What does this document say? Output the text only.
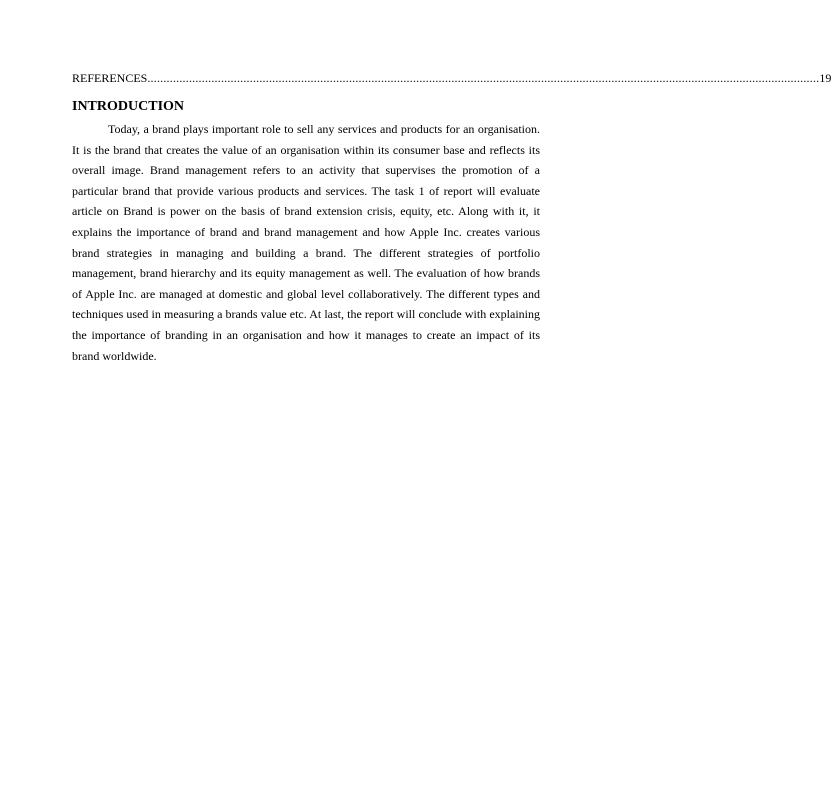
REFERENCES .................................................................................................................................................................................................................. 19
INTRODUCTION

Today, a brand plays important role to sell any services and products for an organisation. It is the brand that creates the value of an organisation within its consumer base and reflects its overall image. Brand management refers to an activity that supervises the promotion of a particular brand that provide various products and services. The task 1 of report will evaluate article on Brand is power on the basis of brand extension crisis, equity, etc. Along with it, it explains the importance of brand and brand management and how Apple Inc. creates various brand strategies in managing and building a brand. The different strategies of portfolio management, brand hierarchy and its equity management as well. The evaluation of how brands of Apple Inc. are managed at domestic and global level collaboratively. The different types and techniques used in measuring a brands value etc. At last, the report will conclude with explaining the importance of branding in an organisation and how it manages to create an impact of its brand worldwide.
